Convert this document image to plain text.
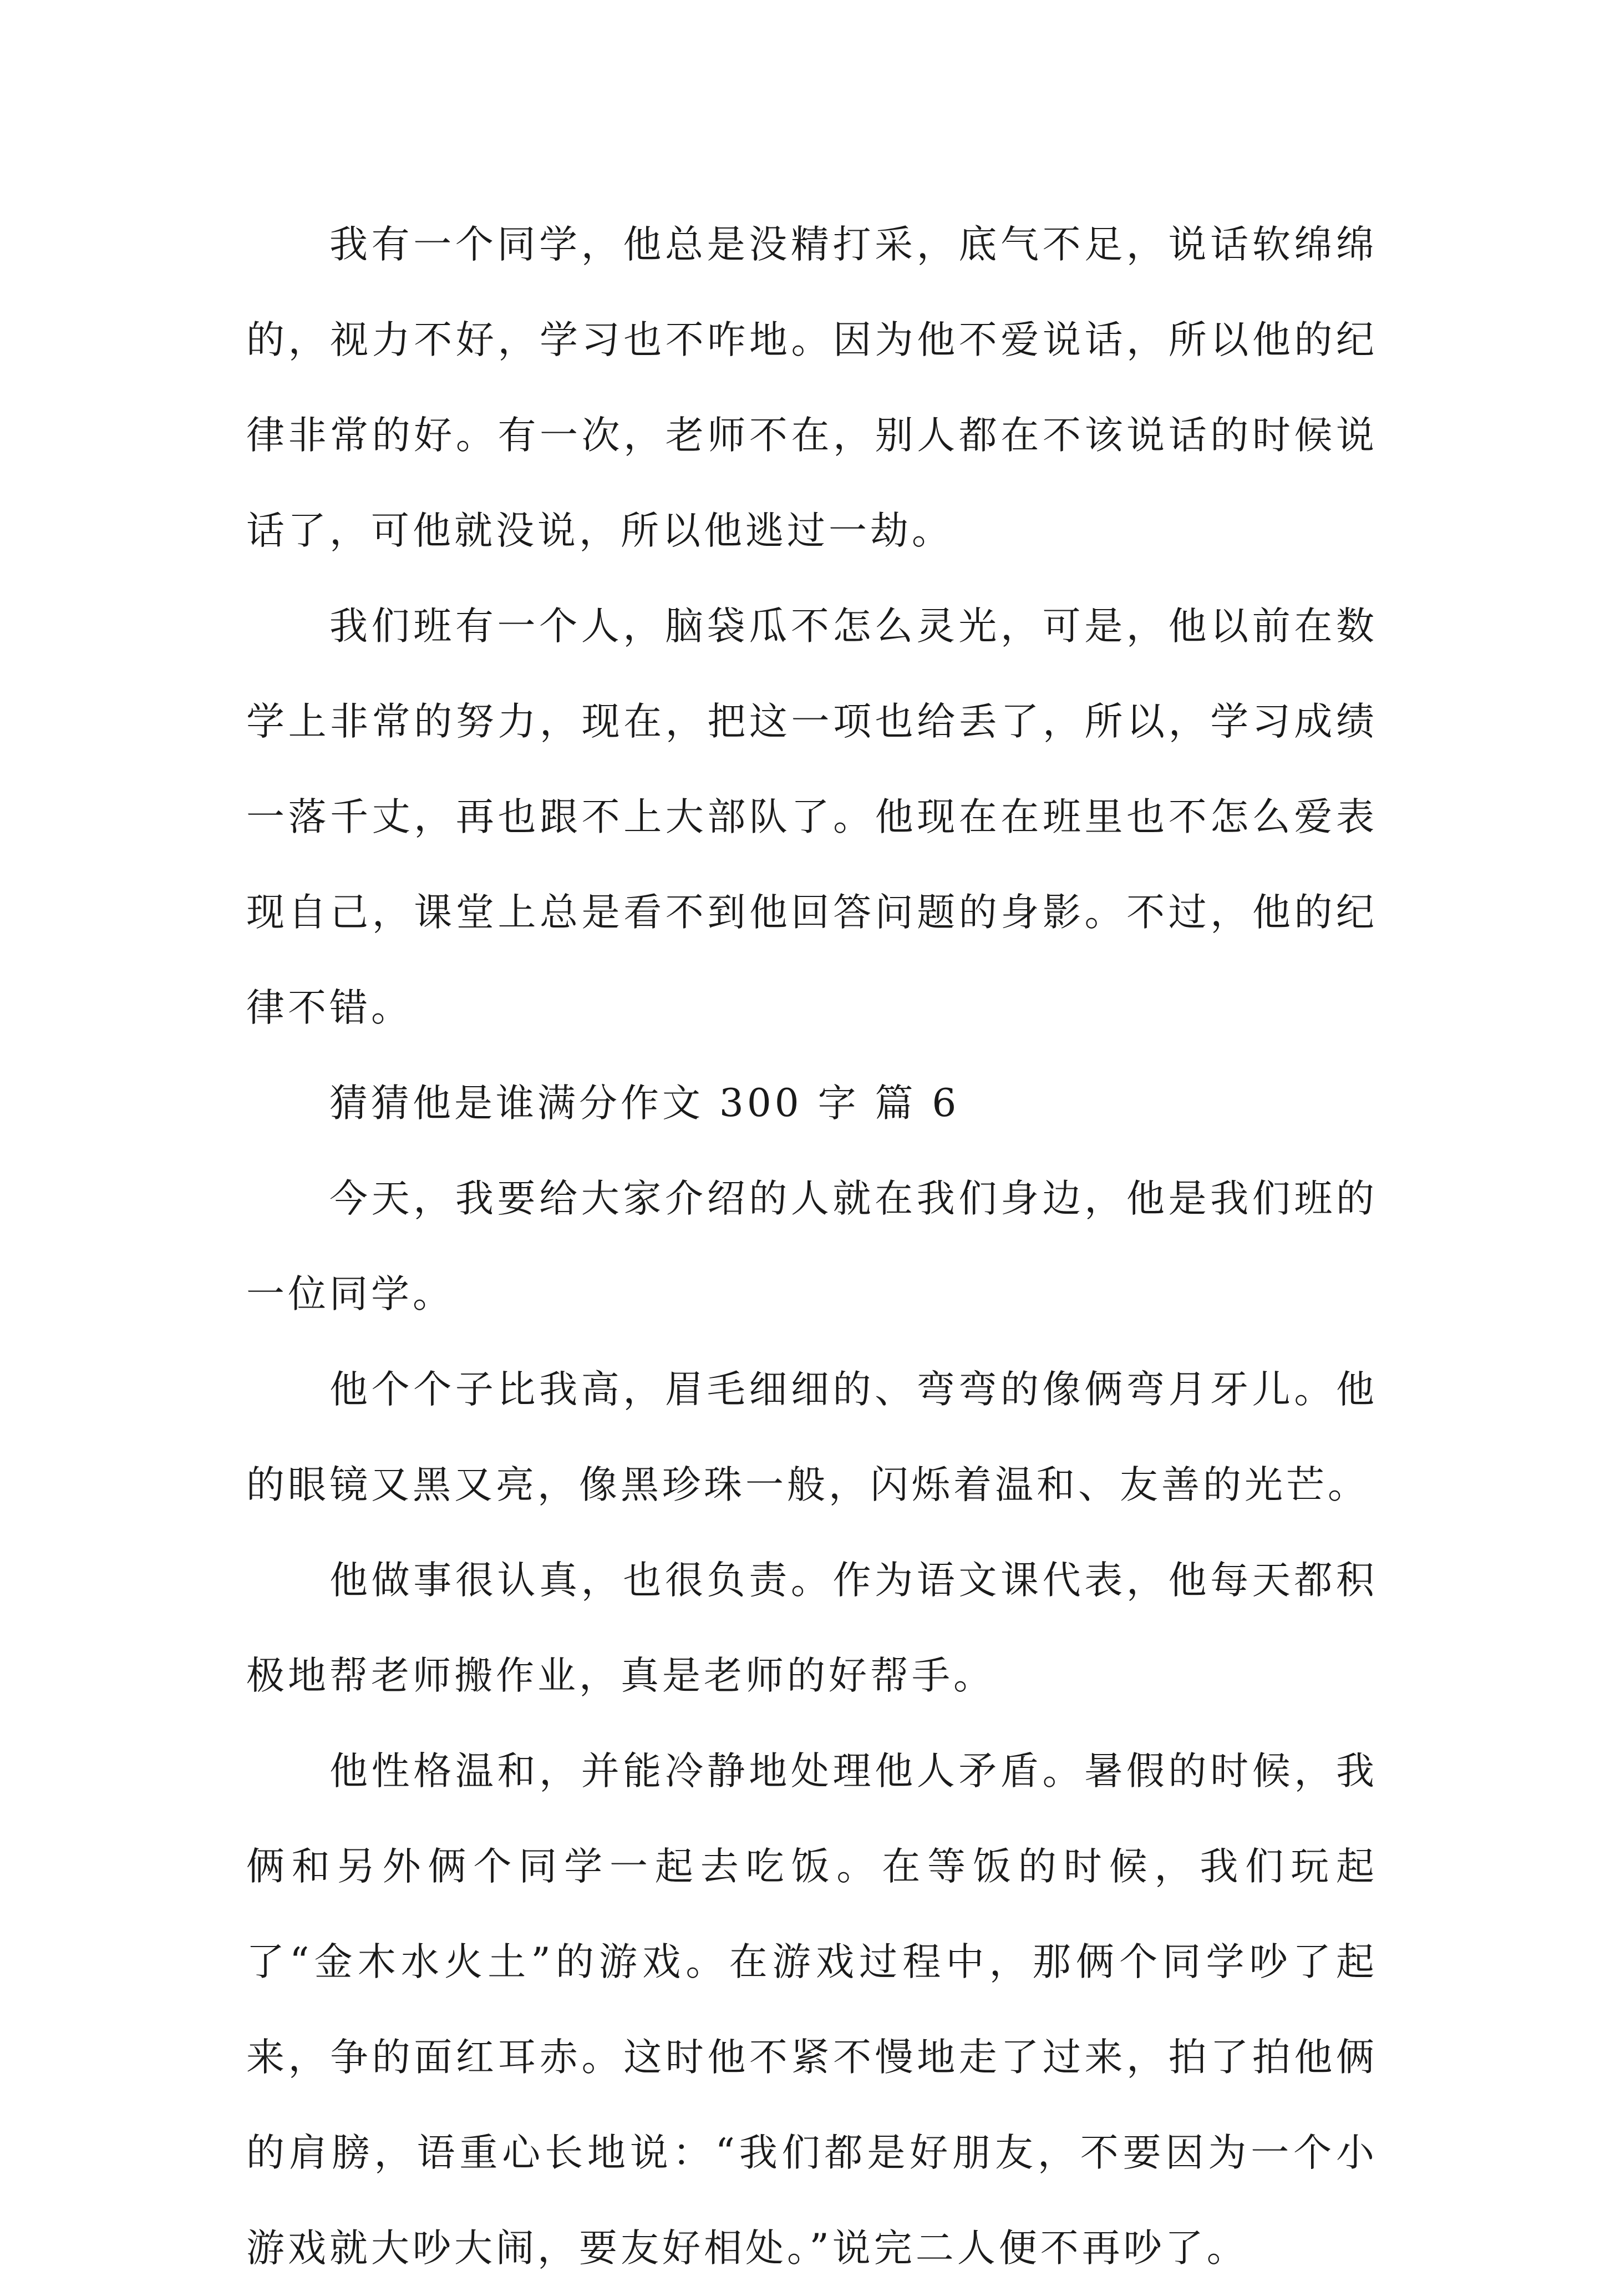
我有一个同学，他总是没精打采，底气不足，说话软绵绵的，视力不好，学习也不咋地。因为他不爱说话，所以他的纪律非常的好。有一次，老师不在，别人都在不该说话的时候说话了，可他就没说，所以他逃过一劫。

我们班有一个人，脑袋瓜不怎么灵光，可是，他以前在数学上非常的努力，现在，把这一项也给丢了，所以，学习成绩一落千丈，再也跟不上大部队了。他现在在班里也不怎么爱表现自己，课堂上总是看不到他回答问题的身影。不过，他的纪律不错。

猜猜他是谁满分作文 300 字 篇 6

今天，我要给大家介绍的人就在我们身边，他是我们班的一位同学。

他个个子比我高，眉毛细细的、弯弯的像俩弯月牙儿。他的眼镜又黑又亮，像黑珍珠一般，闪烁着温和、友善的光芒。

他做事很认真，也很负责。作为语文课代表，他每天都积极地帮老师搬作业，真是老师的好帮手。

他性格温和，并能冷静地处理他人矛盾。暑假的时候，我俩和另外俩个同学一起去吃饭。在等饭的时候，我们玩起了“金木水火土”的游戏。在游戏过程中，那俩个同学吵了起来，争的面红耳赤。这时他不紧不慢地走了过来，拍了拍他俩的肩膀，语重心长地说：“我们都是好朋友，不要因为一个小游戏就大吵大闹，要友好相处。”说完二人便不再吵了。
